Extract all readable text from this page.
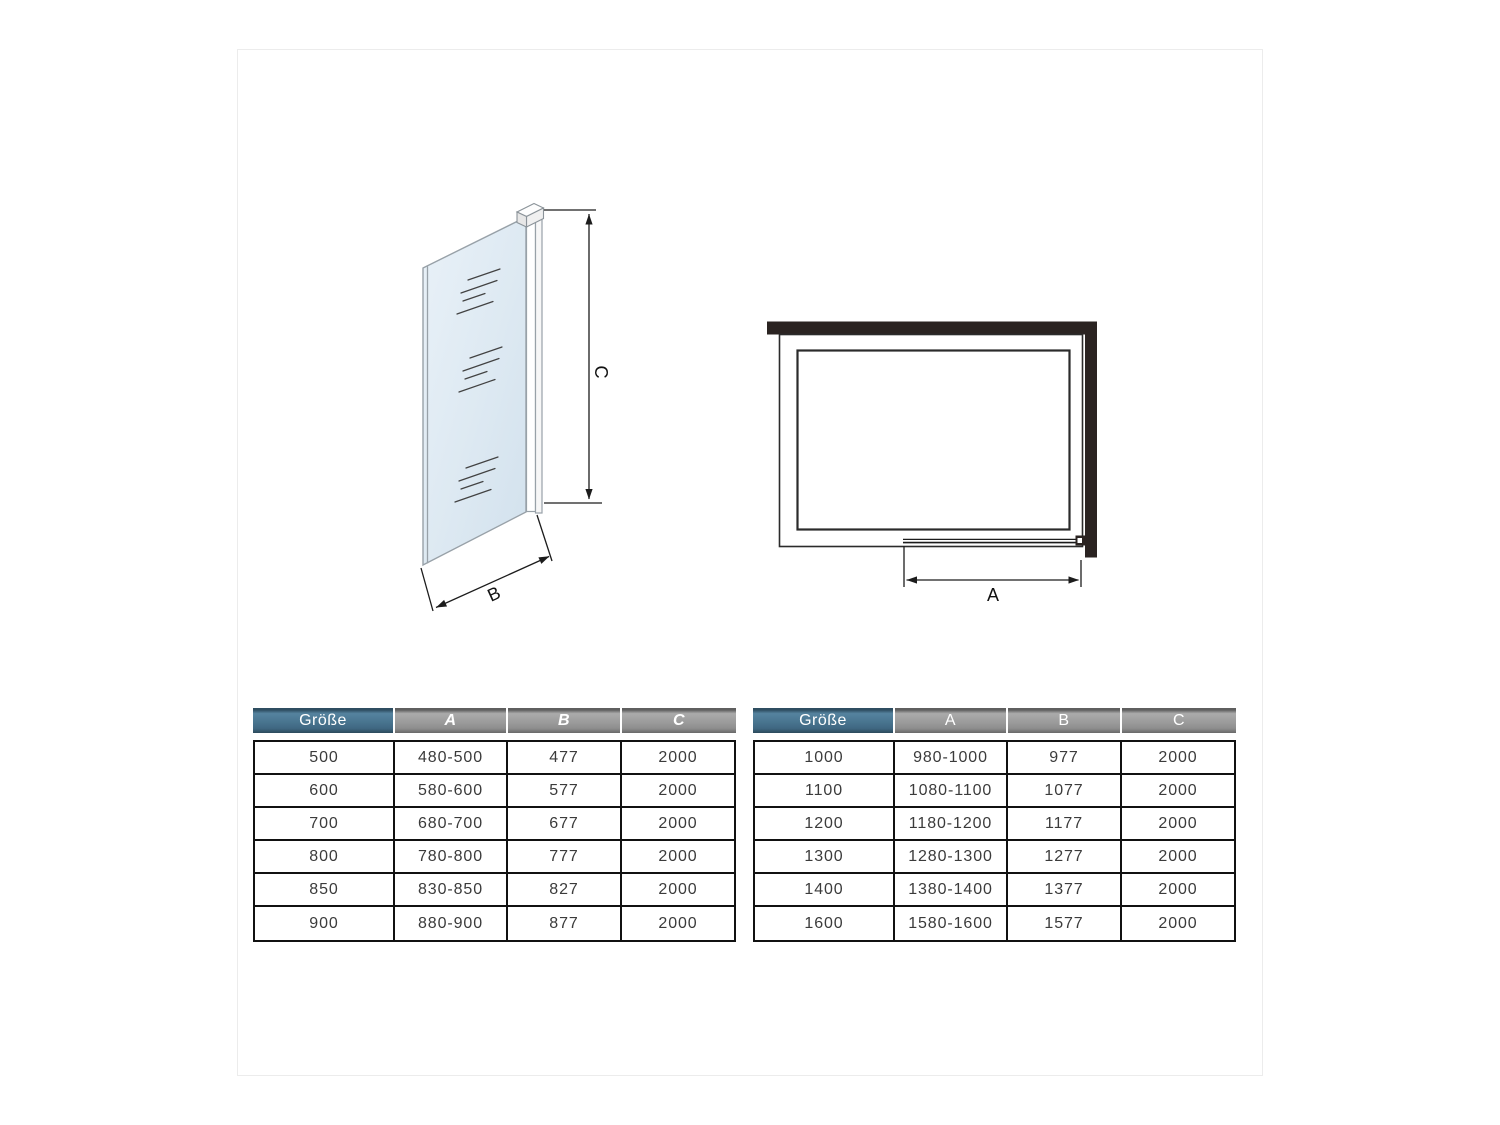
C
B	A
Größe	A	B	C
500	480-500	477	2000
600	580-600	577	2000
700	680-700	677	2000
800	780-800	777	2000
850	830-850	827	2000
900	880-900	877	2000
Größe	A	B	C
1000	980-1000	977	2000
1100	1080-1100	1077	2000
1200	1180-1200	1177	2000
1300	1280-1300	1277	2000
1400	1380-1400	1377	2000
1600	1580-1600	1577	2000
